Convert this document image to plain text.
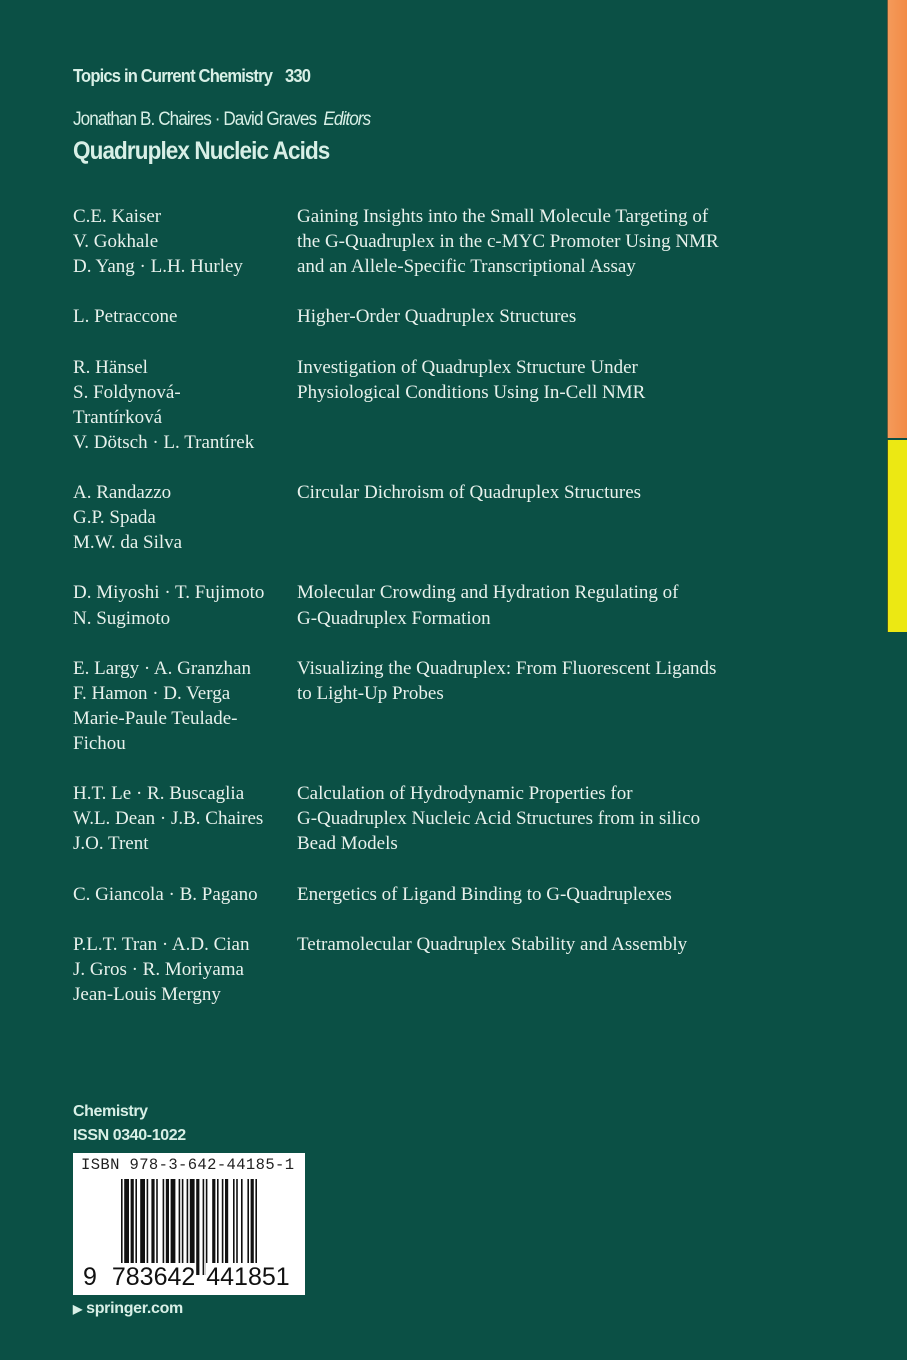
Topics in Current Chemistry 330
Jonathan B. Chaires · David Graves Editors
Quadruplex Nucleic Acids
C.E. Kaiser
V. Gokhale
D. Yang · L.H. Hurley
Gaining Insights into the Small Molecule Targeting of
the G-Quadruplex in the c-MYC Promoter Using NMR
and an Allele-Specific Transcriptional Assay
L. Petraccone	Higher-Order Quadruplex Structures
R. Hänsel
S. Foldynová-
Trantírková
V. Dötsch · L. Trantírek
Investigation of Quadruplex Structure Under
Physiological Conditions Using In-Cell NMR
A. Randazzo
G.P. Spada
M.W. da Silva
Circular Dichroism of Quadruplex Structures
D. Miyoshi · T. Fujimoto
N. Sugimoto
Molecular Crowding and Hydration Regulating of
G-Quadruplex Formation
E. Largy · A. Granzhan
F. Hamon · D. Verga
Marie-Paule Teulade-
Fichou
Visualizing the Quadruplex: From Fluorescent Ligands
to Light-Up Probes
H.T. Le · R. Buscaglia
W.L. Dean · J.B. Chaires
J.O. Trent
Calculation of Hydrodynamic Properties for
G-Quadruplex Nucleic Acid Structures from in silico
Bead Models
C. Giancola · B. Pagano	Energetics of Ligand Binding to G-Quadruplexes
P.L.T. Tran · A.D. Cian
J. Gros · R. Moriyama
Jean-Louis Mergny
Tetramolecular Quadruplex Stability and Assembly
Chemistry
ISSN 0340-1022
ISBN 978-3-642-44185-1
9 783642 441851
▶ springer.com
